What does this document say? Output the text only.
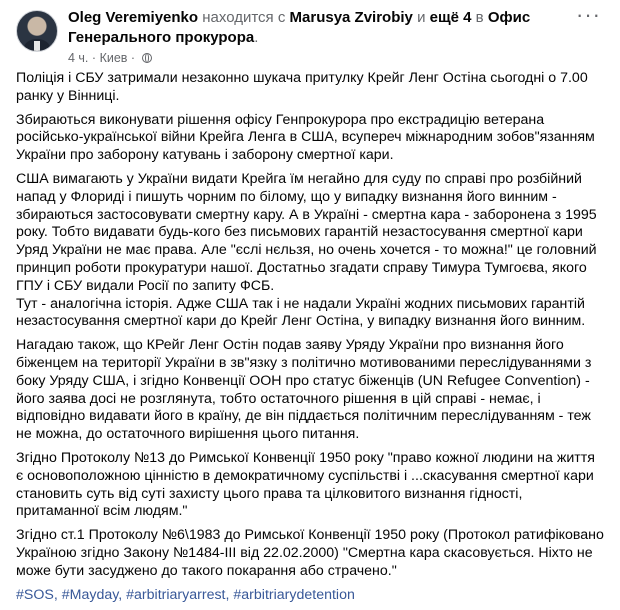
Oleg Veremiyenko находится с Marusya Zvirobiy и ещё 4 в Офис Генерального прокурора.
4 ч. · Киев ·
···

Поліція і СБУ затримали незаконно шукача притулку Крейг Ленг Остіна сьогодні о 7.00 ранку у Вінниці.

Збираються виконувати рішення офісу Генпрокурора про екстрадицію ветерана російсько-української війни Крейга Ленга в США, всупереч міжнародним зобов"язанням України про заборону катувань і заборону смертної кари.

США вимагають у України видати Крейга їм негайно для суду по справі про розбійний напад у Флориді і пишуть чорним по білому, що у випадку визнання його винним - збираються застосовувати смертну кару. А в Україні - смертна кара - заборонена з 1995 року. Тобто видавати будь-кого без письмових гарантій незастосування смертної кари Уряд України не має права. Але "єслі нєльзя, но очень хочется - то можна!" це головний принцип роботи прокуратури нашої. Достатньо згадати справу Тимура Тумгоєва, якого ГПУ і СБУ видали Росії по запиту ФСБ.

Тут - аналогічна історія. Адже США так і не надали Україні жодних письмових гарантій незастосування смертної кари до Крейг Ленг Остіна, у випадку визнання його винним.

Нагадаю також, що КРейг Ленг Остін подав заяву Уряду України про визнання його біженцем на території України в зв"язку з політично мотивованими переслідуваннями з боку Уряду США, і згідно Конвенції ООН про статус біженців (UN Refugee Convention) - його заява досі не розглянута, тобто остаточного рішення в цій справі - немає, і відповідно видавати його в країну, де він піддається політичним переслідуванням - теж не можна, до остаточного вирішення цього питання.

Згідно Протоколу №13 до Римської Конвенції 1950 року "право кожної людини на життя є основоположною цінністю в демократичному суспільстві і ...скасування смертної кари становить суть від суті захисту цього права та цілковитого визнання гідності, притаманної всім людям."

Згідно ст.1 Протоколу №6\1983 до Римської Конвенції 1950 року (Протокол ратифіковано Україною згідно Закону №1484-III від 22.02.2000) "Смертна кара скасовується. Ніхто не може бути засуджено до такого покарання або страчено."

#SOS, #Mayday, #arbitriaryarrest, #arbitriarydetention
